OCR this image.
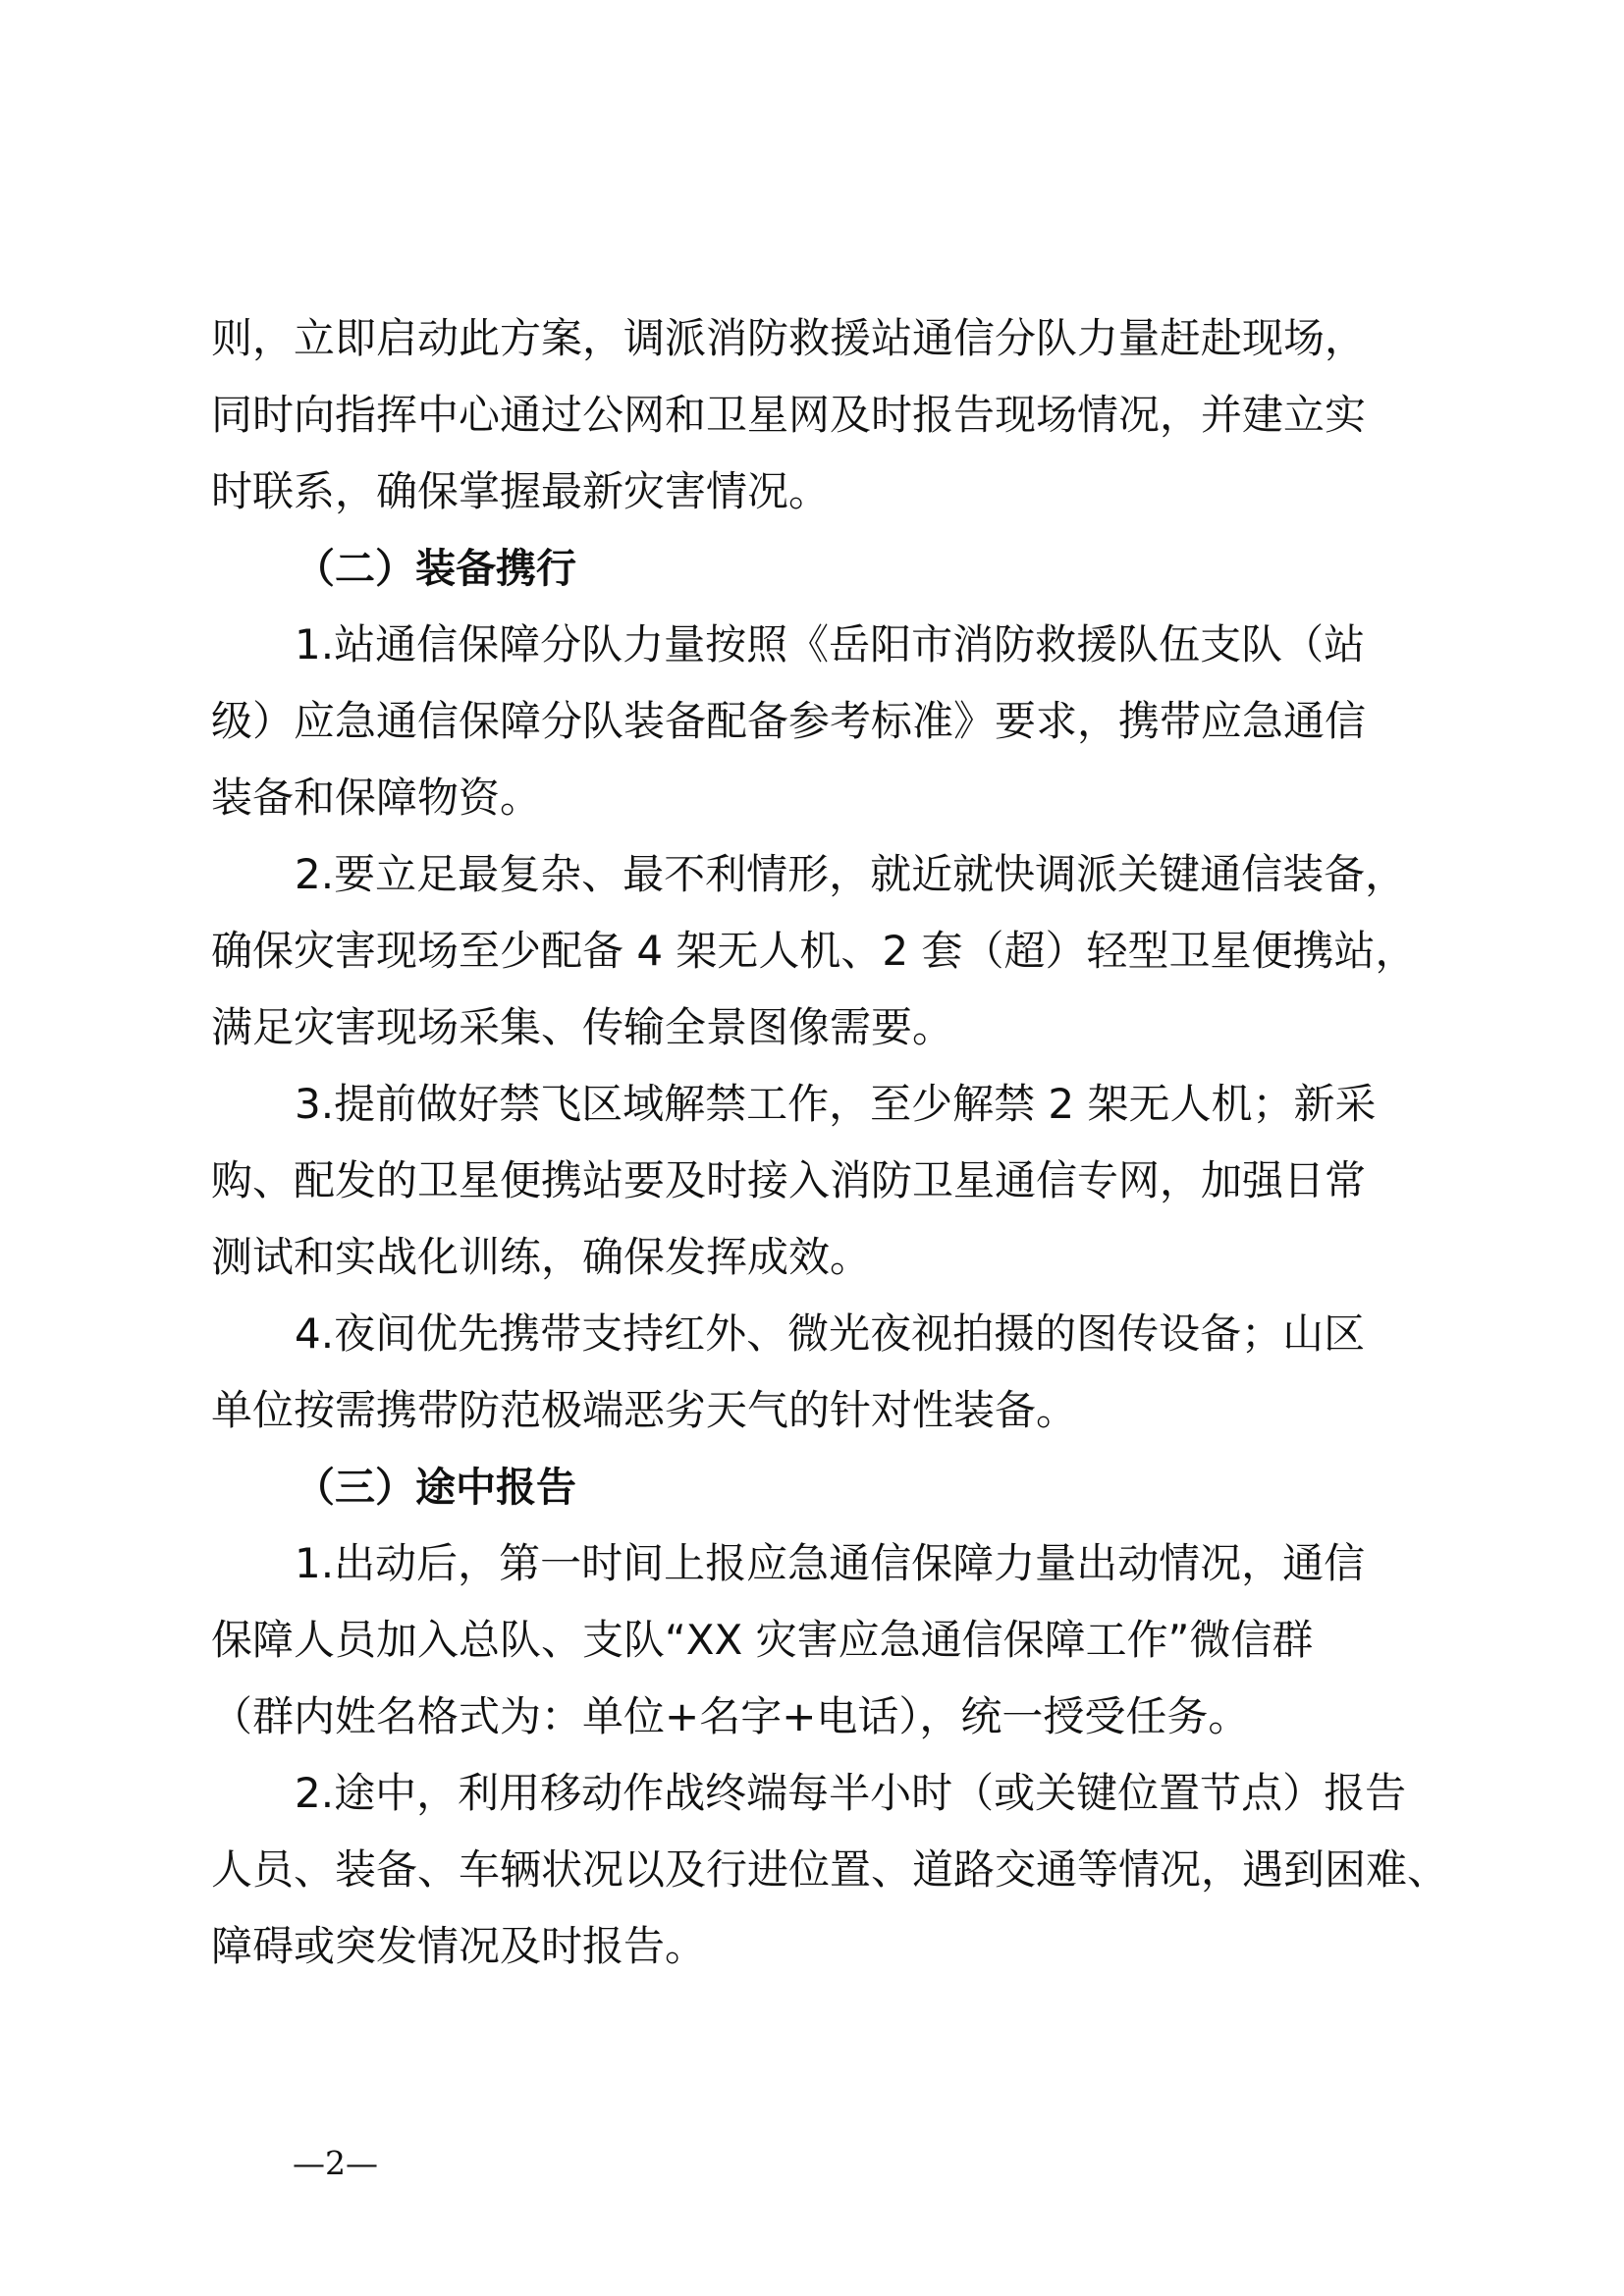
则，立即启动此方案，调派消防救援站通信分队力量赶赴现场，
同时向指挥中心通过公网和卫星网及时报告现场情况，并建立实
时联系，确保掌握最新灾害情况。
（二）装备携行
1.站通信保障分队力量按照《岳阳市消防救援队伍支队（站
级）应急通信保障分队装备配备参考标准》要求，携带应急通信
装备和保障物资。
2.要立足最复杂、最不利情形，就近就快调派关键通信装备，
确保灾害现场至少配备 4 架无人机、2 套（超）轻型卫星便携站，
满足灾害现场采集、传输全景图像需要。
3.提前做好禁飞区域解禁工作，至少解禁 2 架无人机；新采
购、配发的卫星便携站要及时接入消防卫星通信专网，加强日常
测试和实战化训练，确保发挥成效。
4.夜间优先携带支持红外、微光夜视拍摄的图传设备；山区
单位按需携带防范极端恶劣天气的针对性装备。
（三）途中报告
1.出动后，第一时间上报应急通信保障力量出动情况，通信
保障人员加入总队、支队“XX 灾害应急通信保障工作”微信群
（群内姓名格式为：单位+名字+电话），统一授受任务。
2.途中，利用移动作战终端每半小时（或关键位置节点）报告
人员、装备、车辆状况以及行进位置、道路交通等情况，遇到困难、
障碍或突发情况及时报告。
—2—
